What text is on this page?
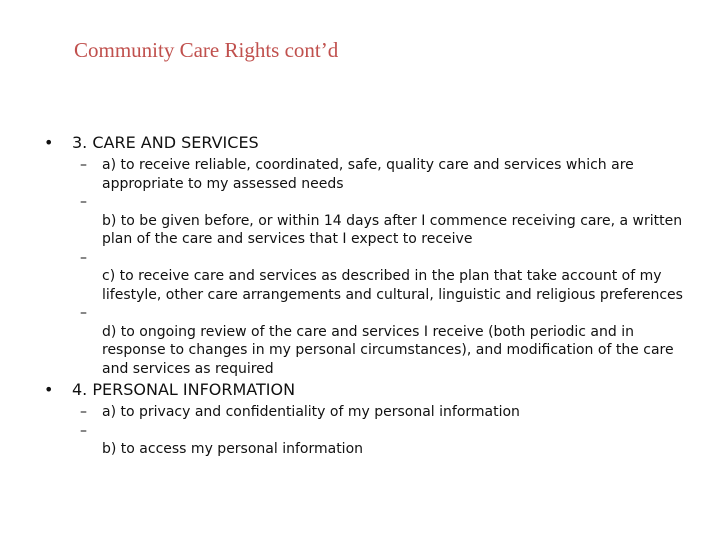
Community Care Rights cont’d
• 3. CARE AND SERVICES
– a) to receive reliable, coordinated, safe, quality care and services which are appropriate to my assessed needs
–
b) to be given before, or within 14 days after I commence receiving care, a written plan of the care and services that I expect to receive
–
c) to receive care and services as described in the plan that take account of my lifestyle, other care arrangements and cultural, linguistic and religious preferences
–
d) to ongoing review of the care and services I receive (both periodic and in response to changes in my personal circumstances), and modification of the care and services as required
• 4. PERSONAL INFORMATION
– a) to privacy and confidentiality of my personal information
–
b) to access my personal information
